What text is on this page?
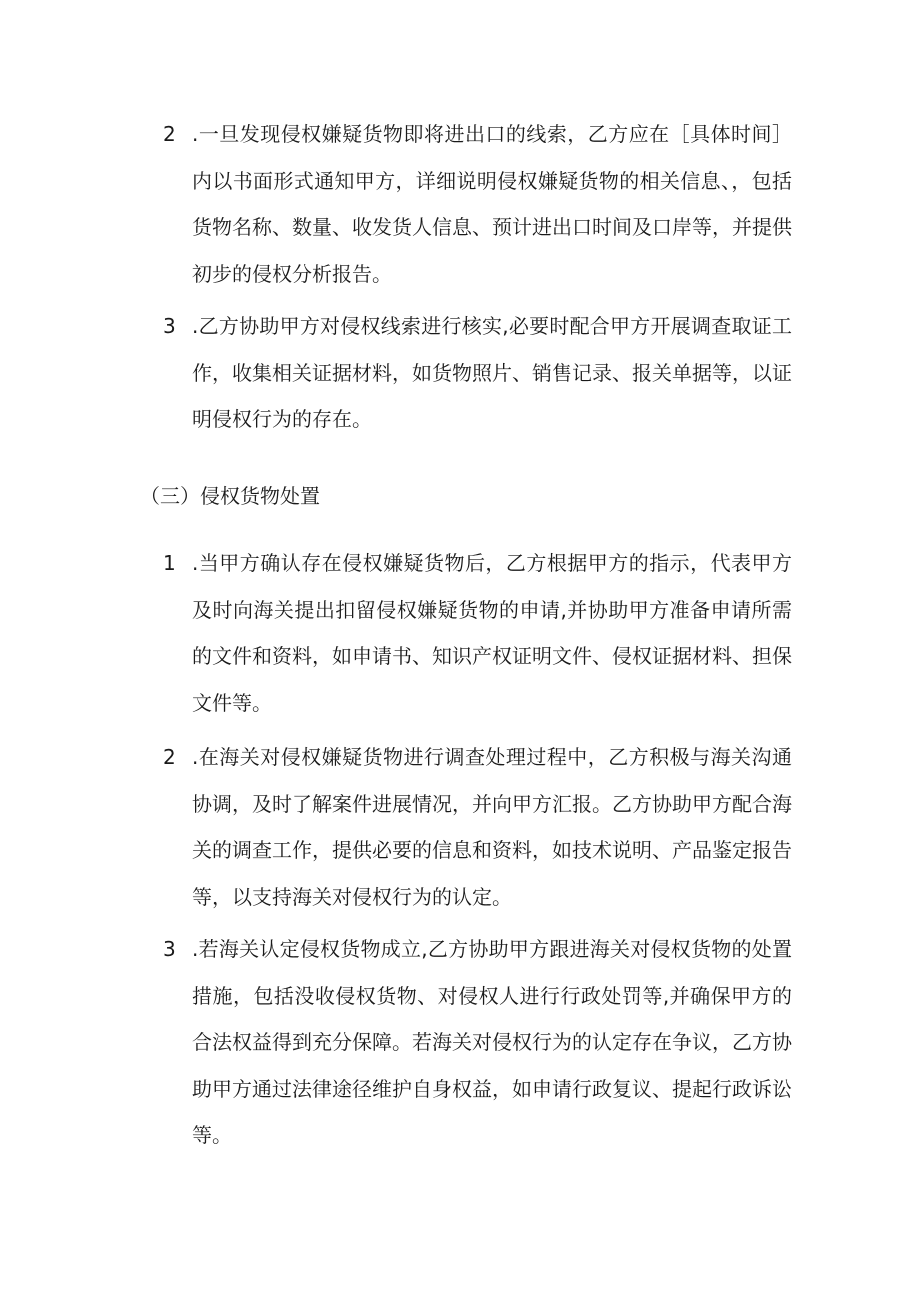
2 .一旦发现侵权嫌疑货物即将进出口的线索，乙方应在［具体时间］内以书面形式通知甲方，详细说明侵权嫌疑货物的相关信息、，包括货物名称、数量、收发货人信息、预计进出口时间及口岸等，并提供初步的侵权分析报告。

3 .乙方协助甲方对侵权线索进行核实,必要时配合甲方开展调查取证工作，收集相关证据材料，如货物照片、销售记录、报关单据等，以证明侵权行为的存在。

（三）侵权货物处置

1 .当甲方确认存在侵权嫌疑货物后，乙方根据甲方的指示，代表甲方及时向海关提出扣留侵权嫌疑货物的申请,并协助甲方准备申请所需的文件和资料，如申请书、知识产权证明文件、侵权证据材料、担保文件等。

2 .在海关对侵权嫌疑货物进行调查处理过程中，乙方积极与海关沟通协调，及时了解案件进展情况，并向甲方汇报。乙方协助甲方配合海关的调查工作，提供必要的信息和资料，如技术说明、产品鉴定报告等，以支持海关对侵权行为的认定。

3 .若海关认定侵权货物成立,乙方协助甲方跟进海关对侵权货物的处置措施，包括没收侵权货物、对侵权人进行行政处罚等,并确保甲方的合法权益得到充分保障。若海关对侵权行为的认定存在争议，乙方协助甲方通过法律途径维护自身权益，如申请行政复议、提起行政诉讼等。
